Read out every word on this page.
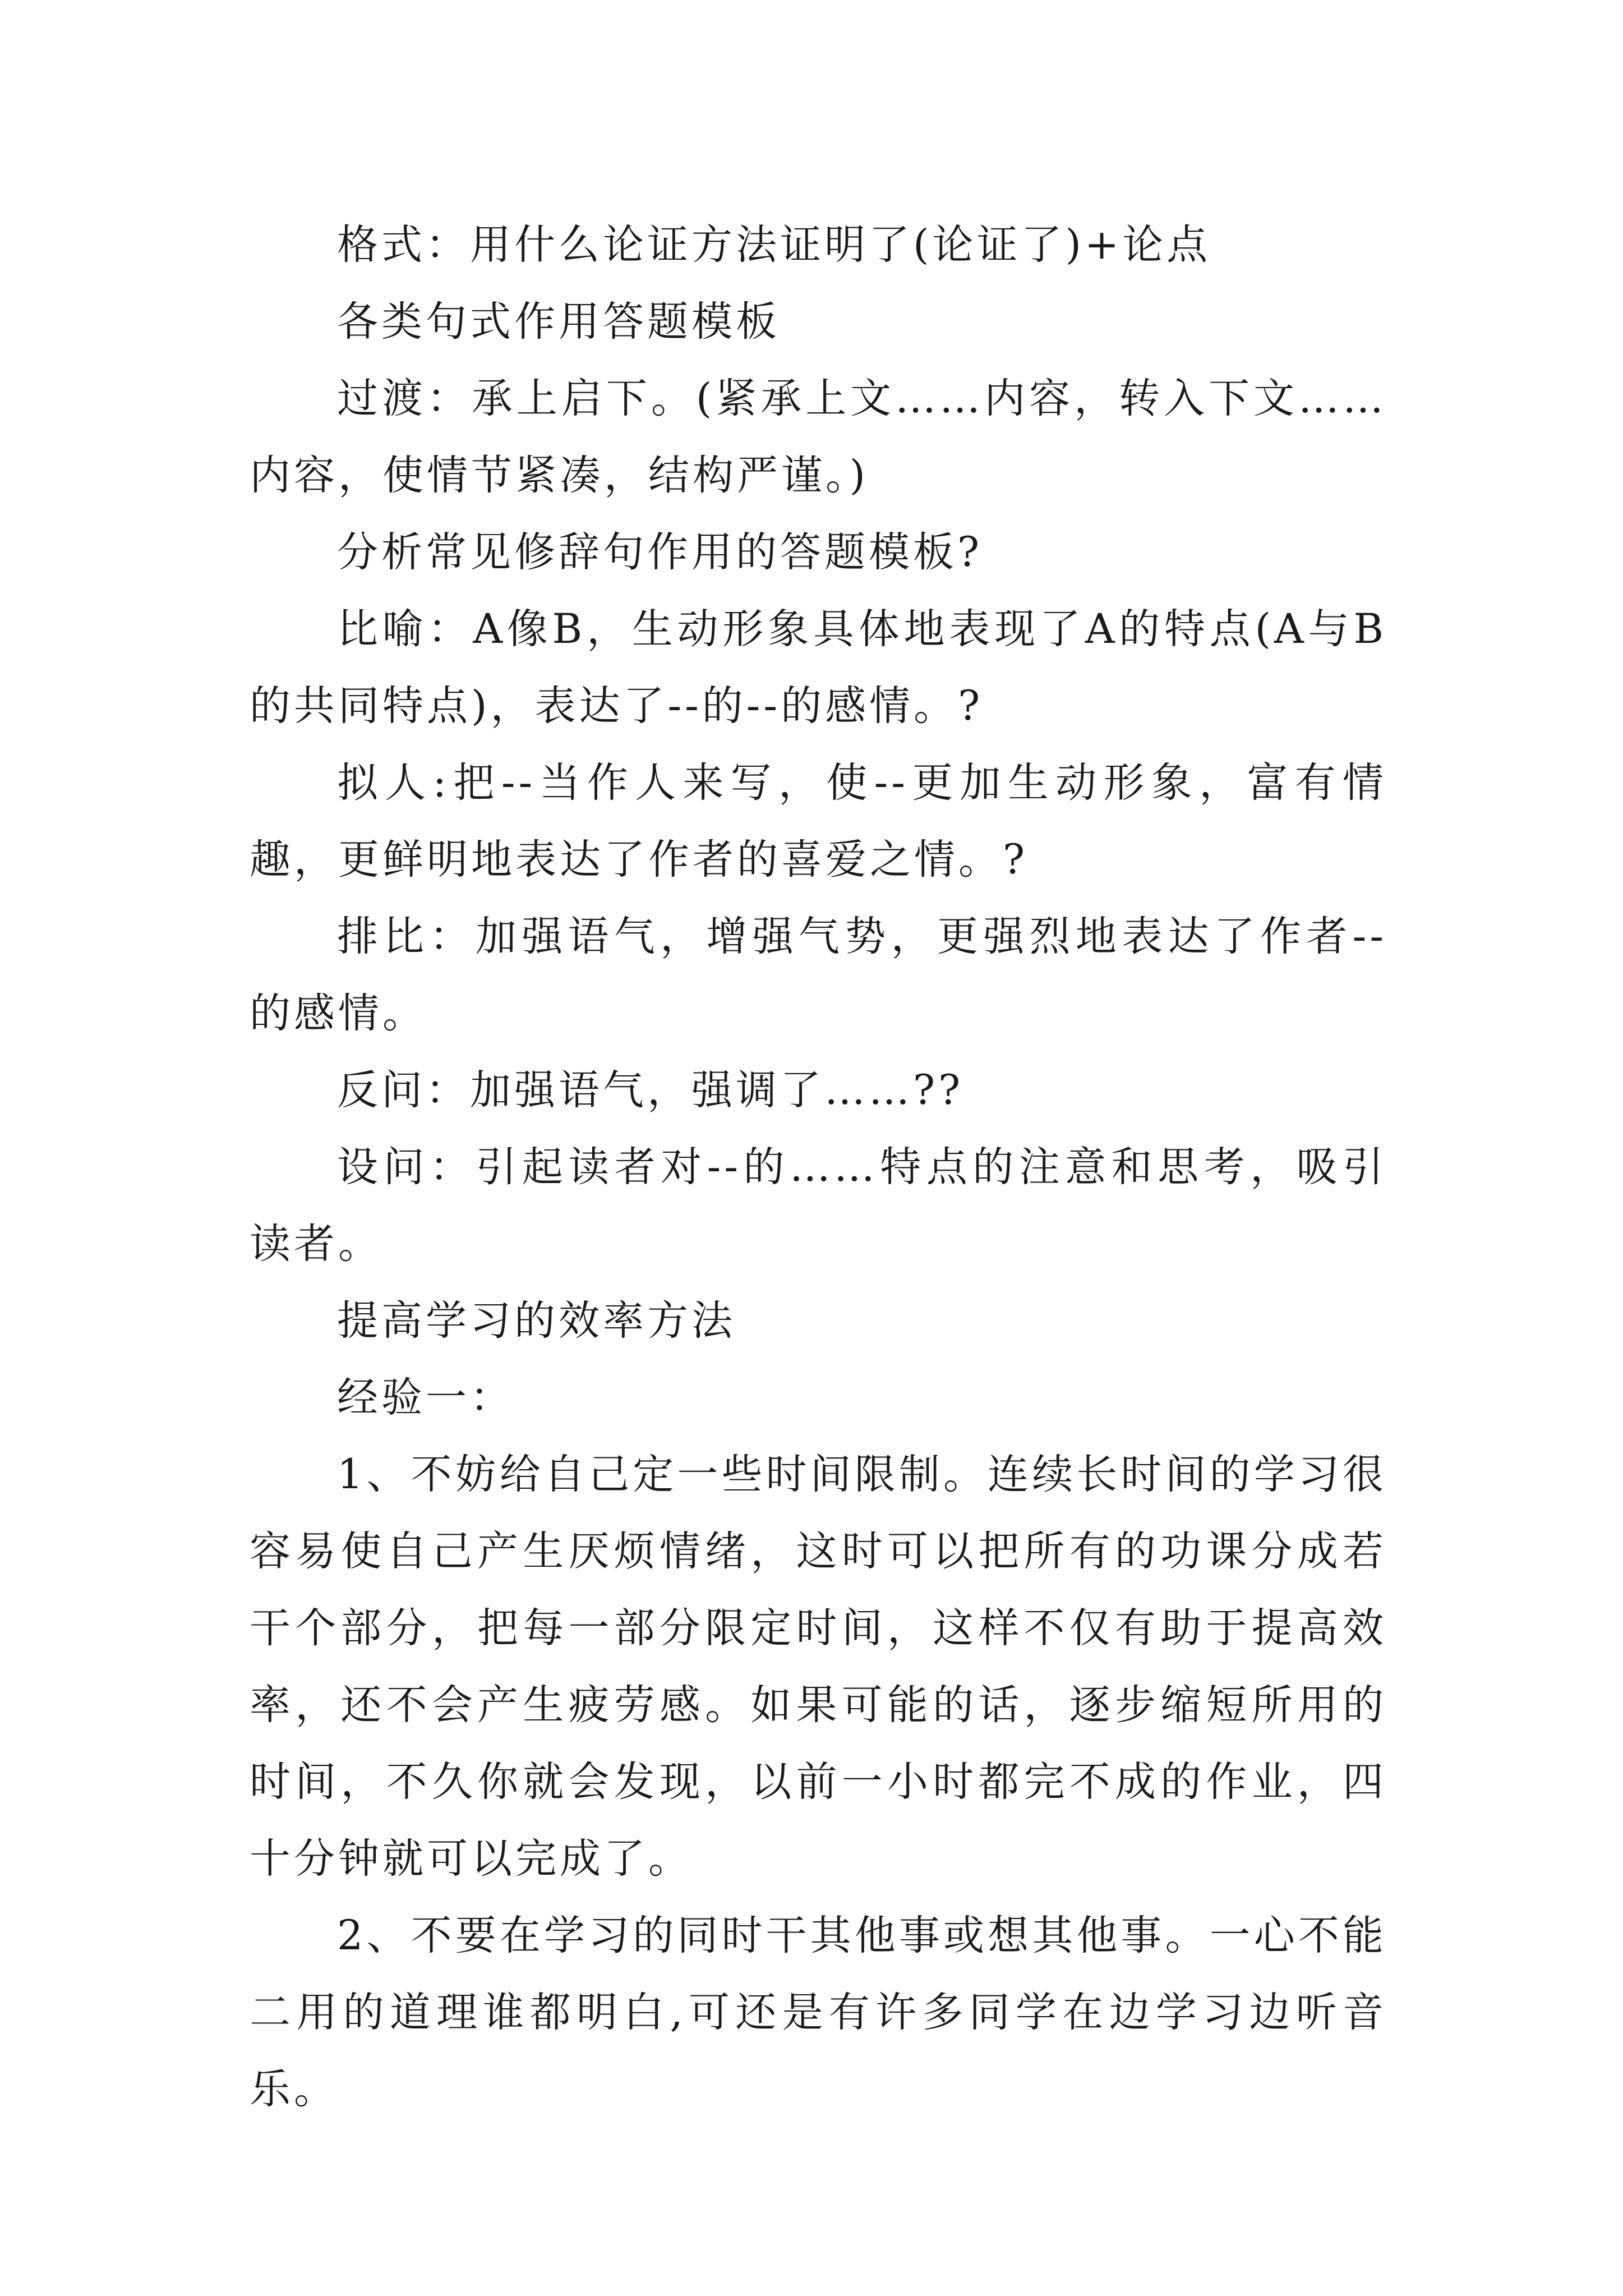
格式：用什么论证方法证明了(论证了)+论点

各类句式作用答题模板

过渡：承上启下。(紧承上文……内容，转入下文……内容，使情节紧凑，结构严谨。)

分析常见修辞句作用的答题模板?

比喻：A像B，生动形象具体地表现了A的特点(A与B的共同特点)，表达了--的--的感情。?

拟人:把--当作人来写，使--更加生动形象，富有情趣，更鲜明地表达了作者的喜爱之情。?

排比：加强语气，增强气势，更强烈地表达了作者--的感情。

反问：加强语气，强调了……??

设问：引起读者对--的……特点的注意和思考，吸引读者。

提高学习的效率方法

经验一：

1、不妨给自己定一些时间限制。连续长时间的学习很容易使自己产生厌烦情绪，这时可以把所有的功课分成若干个部分，把每一部分限定时间，这样不仅有助于提高效率，还不会产生疲劳感。如果可能的话，逐步缩短所用的时间，不久你就会发现，以前一小时都完不成的作业，四十分钟就可以完成了。

2、不要在学习的同时干其他事或想其他事。一心不能二用的道理谁都明白,可还是有许多同学在边学习边听音乐。
